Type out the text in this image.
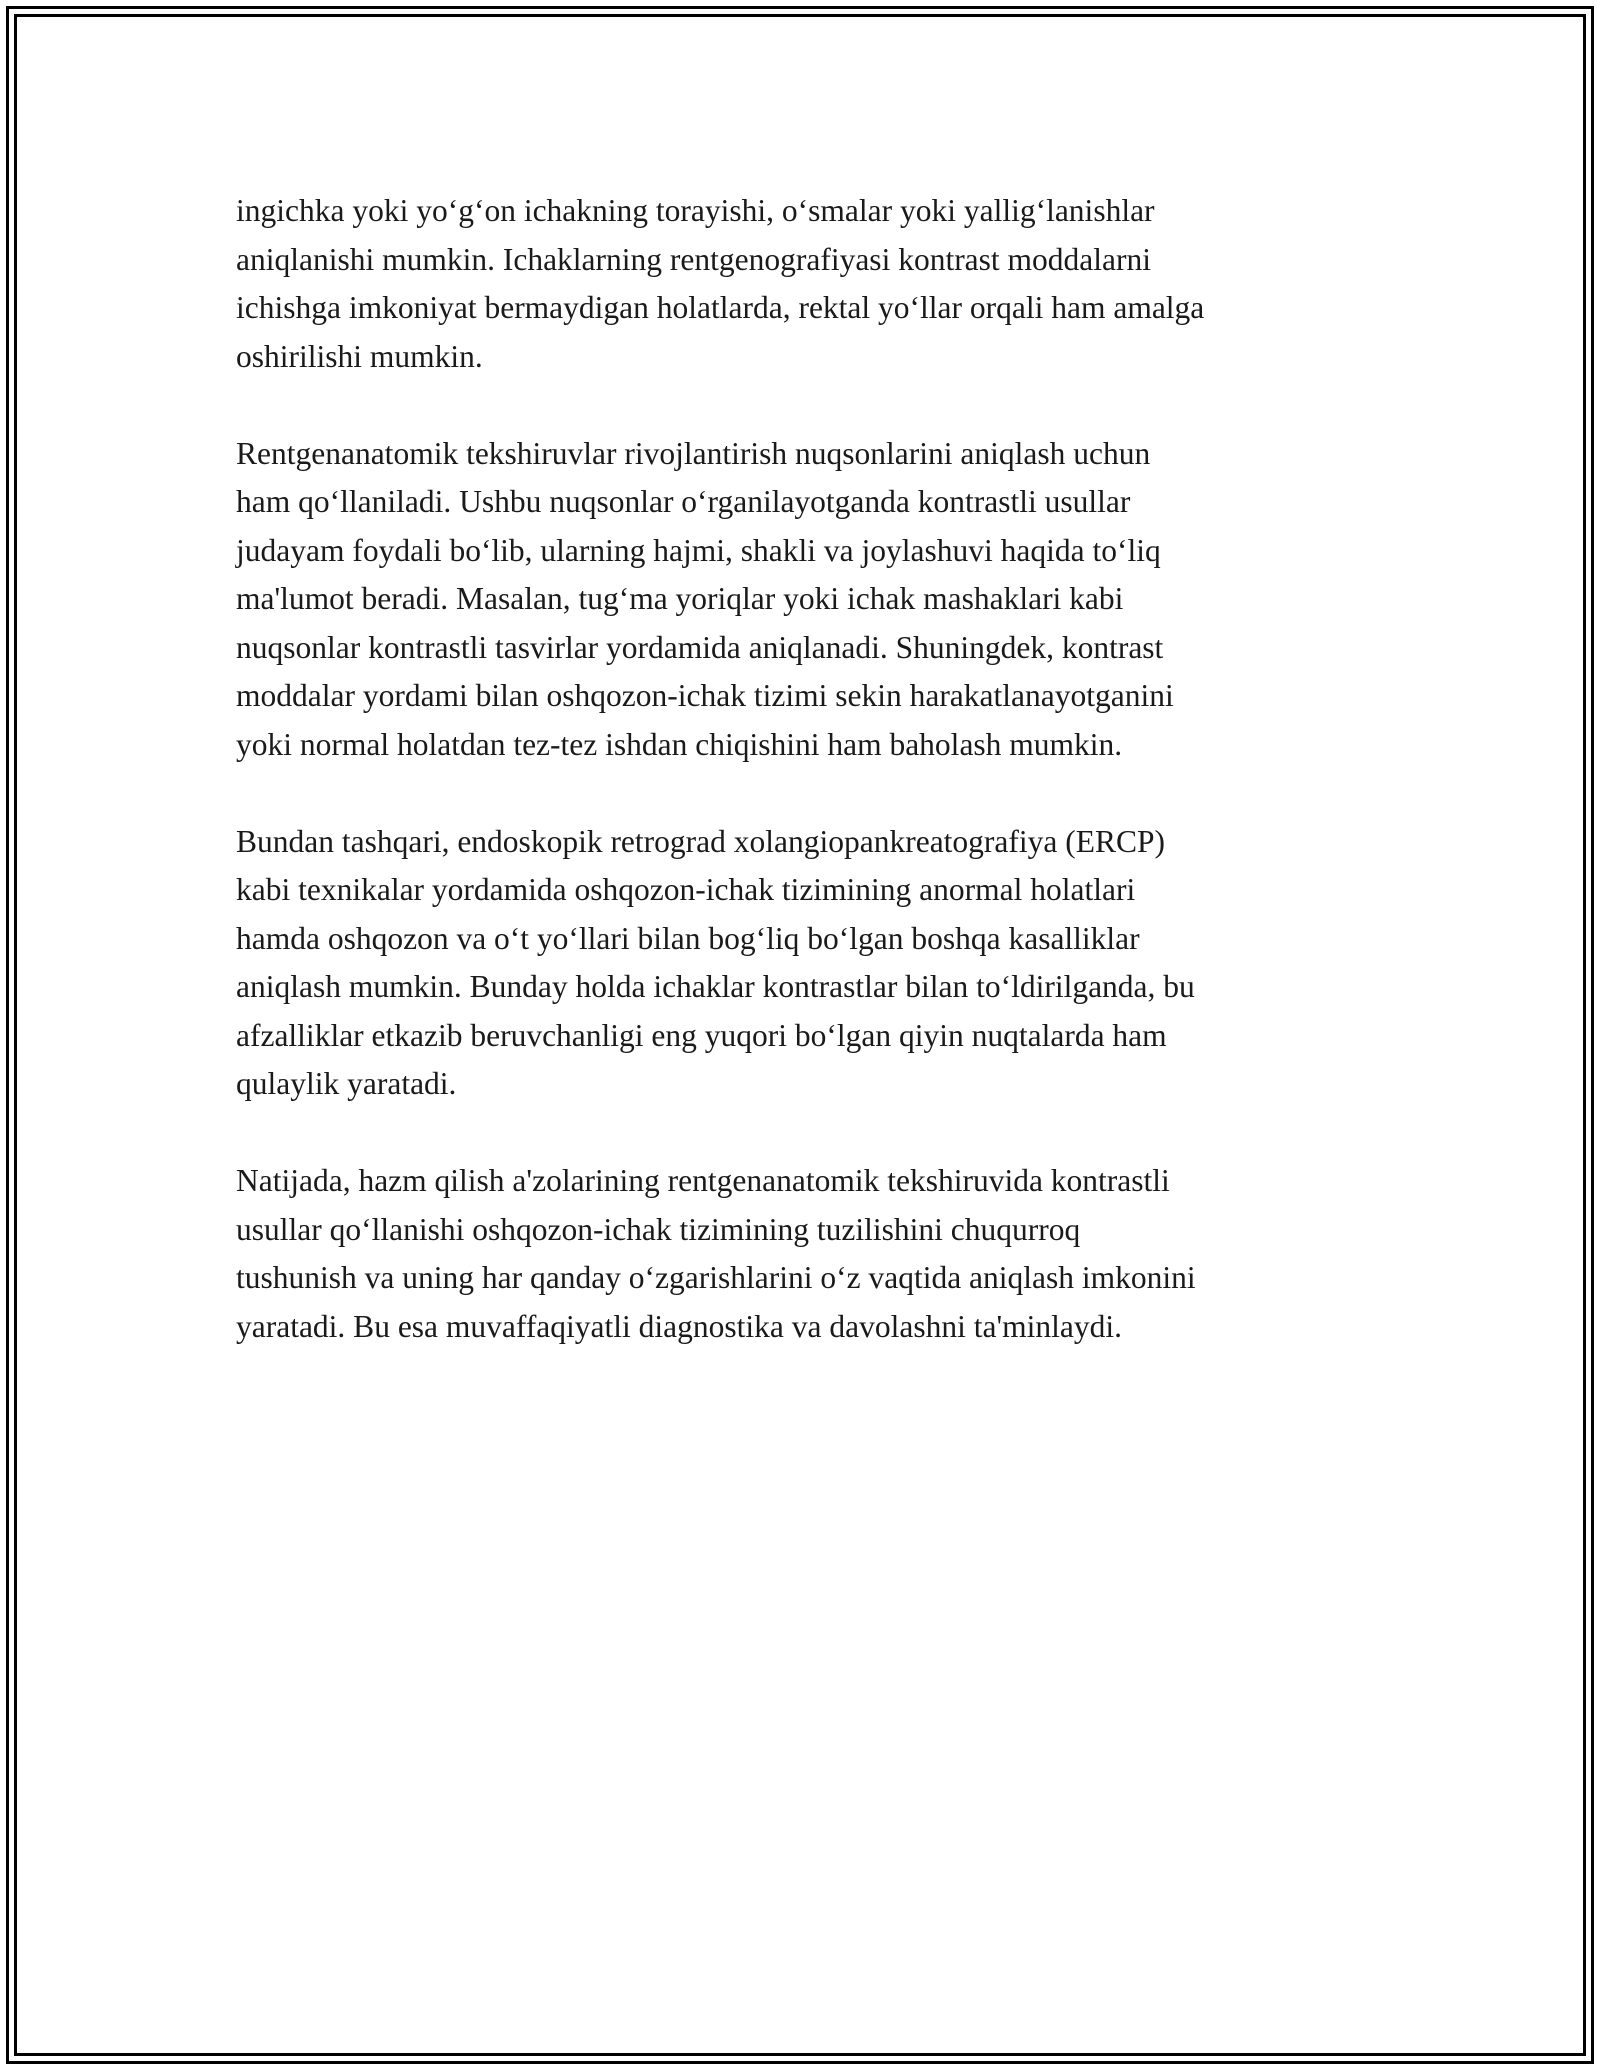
ingichka yoki yo‘g‘on ichakning torayishi, o‘smalar yoki yallig‘lanishlar
aniqlanishi mumkin. Ichaklarning rentgenografiyasi kontrast moddalarni
ichishga imkoniyat bermaydigan holatlarda, rektal yo‘llar orqali ham amalga
oshirilishi mumkin.

Rentgenanatomik tekshiruvlar rivojlantirish nuqsonlarini aniqlash uchun
ham qo‘llaniladi. Ushbu nuqsonlar o‘rganilayotganda kontrastli usullar
judayam foydali bo‘lib, ularning hajmi, shakli va joylashuvi haqida to‘liq
ma'lumot beradi. Masalan, tug‘ma yoriqlar yoki ichak mashaklari kabi
nuqsonlar kontrastli tasvirlar yordamida aniqlanadi. Shuningdek, kontrast
moddalar yordami bilan oshqozon-ichak tizimi sekin harakatlanayotganini
yoki normal holatdan tez-tez ishdan chiqishini ham baholash mumkin.

Bundan tashqari, endoskopik retrograd xolangiopankreatografiya (ERCP)
kabi texnikalar yordamida oshqozon-ichak tizimining anormal holatlari
hamda oshqozon va o‘t yo‘llari bilan bog‘liq bo‘lgan boshqa kasalliklar
aniqlash mumkin. Bunday holda ichaklar kontrastlar bilan to‘ldirilganda, bu
afzalliklar etkazib beruvchanligi eng yuqori bo‘lgan qiyin nuqtalarda ham
qulaylik yaratadi.

Natijada, hazm qilish a'zolarining rentgenanatomik tekshiruvida kontrastli
usullar qo‘llanishi oshqozon-ichak tizimining tuzilishini chuqurroq
tushunish va uning har qanday o‘zgarishlarini o‘z vaqtida aniqlash imkonini
yaratadi. Bu esa muvaffaqiyatli diagnostika va davolashni ta'minlaydi.
